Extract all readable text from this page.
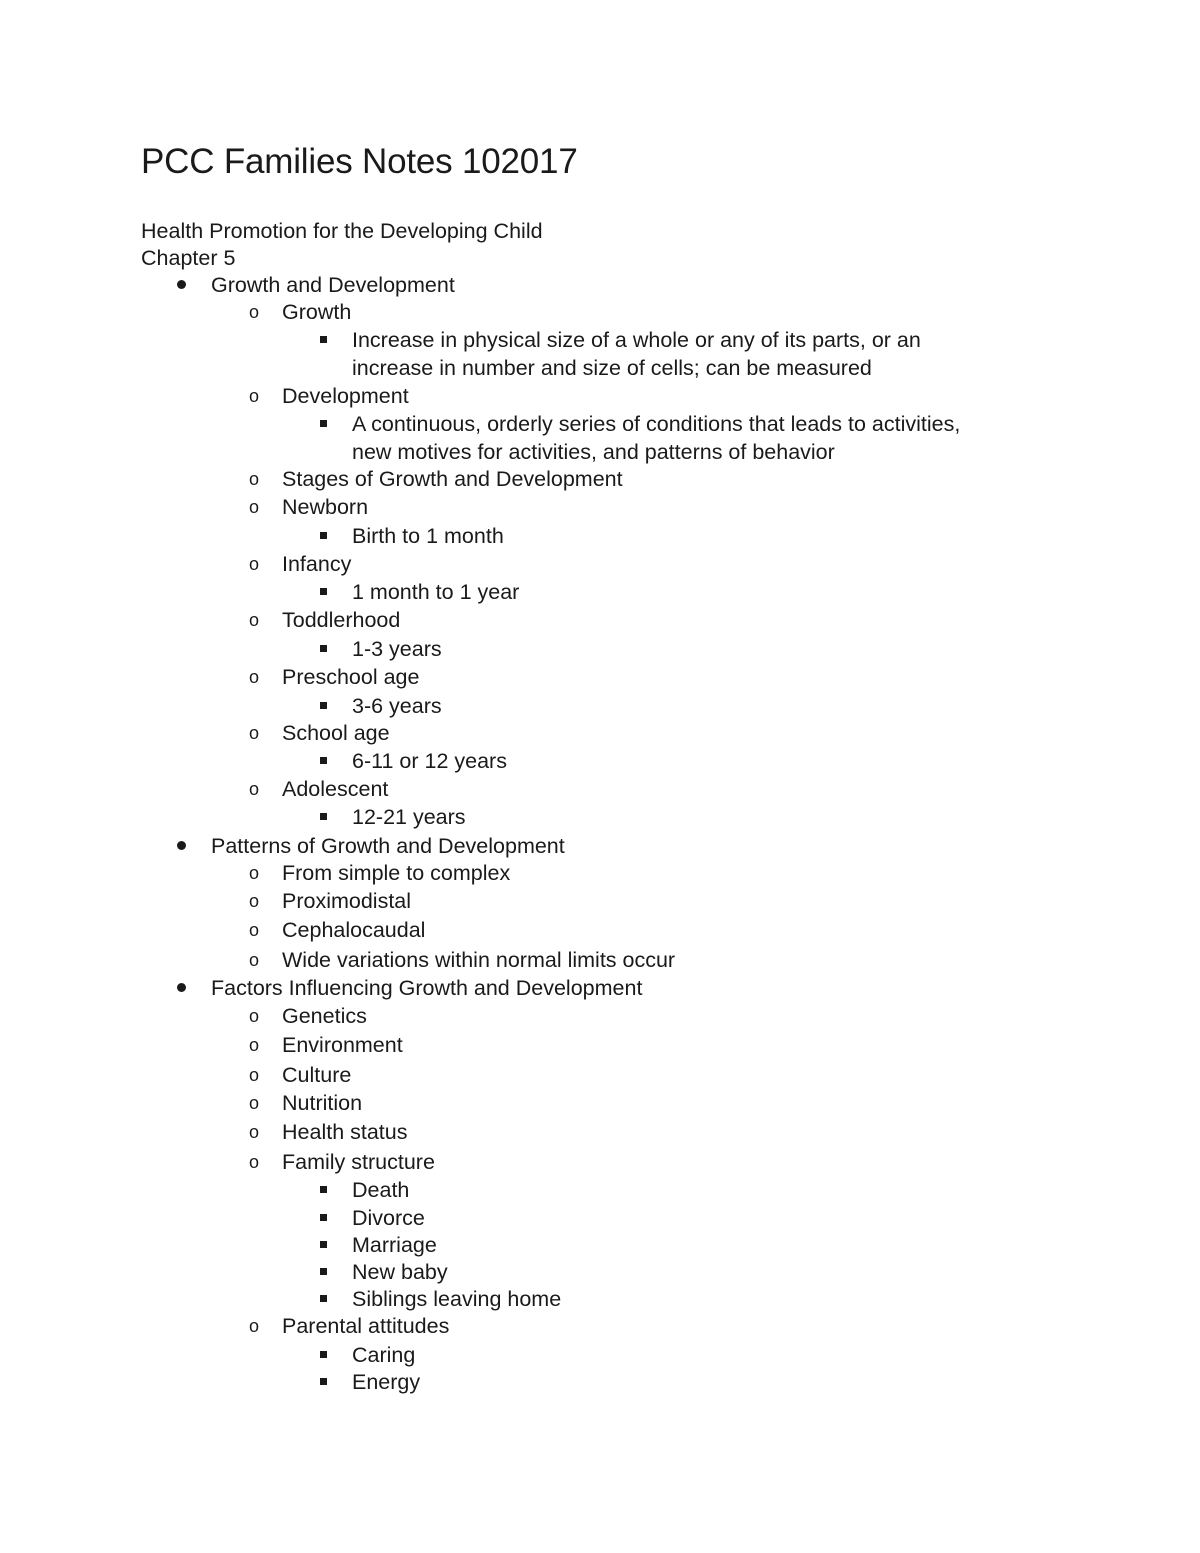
PCC Families Notes 102017
Health Promotion for the Developing Child
Chapter 5
Growth and Development
o Growth
Increase in physical size of a whole or any of its parts, or an
increase in number and size of cells; can be measured
o Development
A continuous, orderly series of conditions that leads to activities,
new motives for activities, and patterns of behavior
o Stages of Growth and Development
o Newborn
Birth to 1 month
o Infancy
1 month to 1 year
o Toddlerhood
1-3 years
o Preschool age
3-6 years
o School age
6-11 or 12 years
o Adolescent
12-21 years
Patterns of Growth and Development
o From simple to complex
o Proximodistal
o Cephalocaudal
o Wide variations within normal limits occur
Factors Influencing Growth and Development
o Genetics
o Environment
o Culture
o Nutrition
o Health status
o Family structure
Death
Divorce
Marriage
New baby
Siblings leaving home
o Parental attitudes
Caring
Energy
